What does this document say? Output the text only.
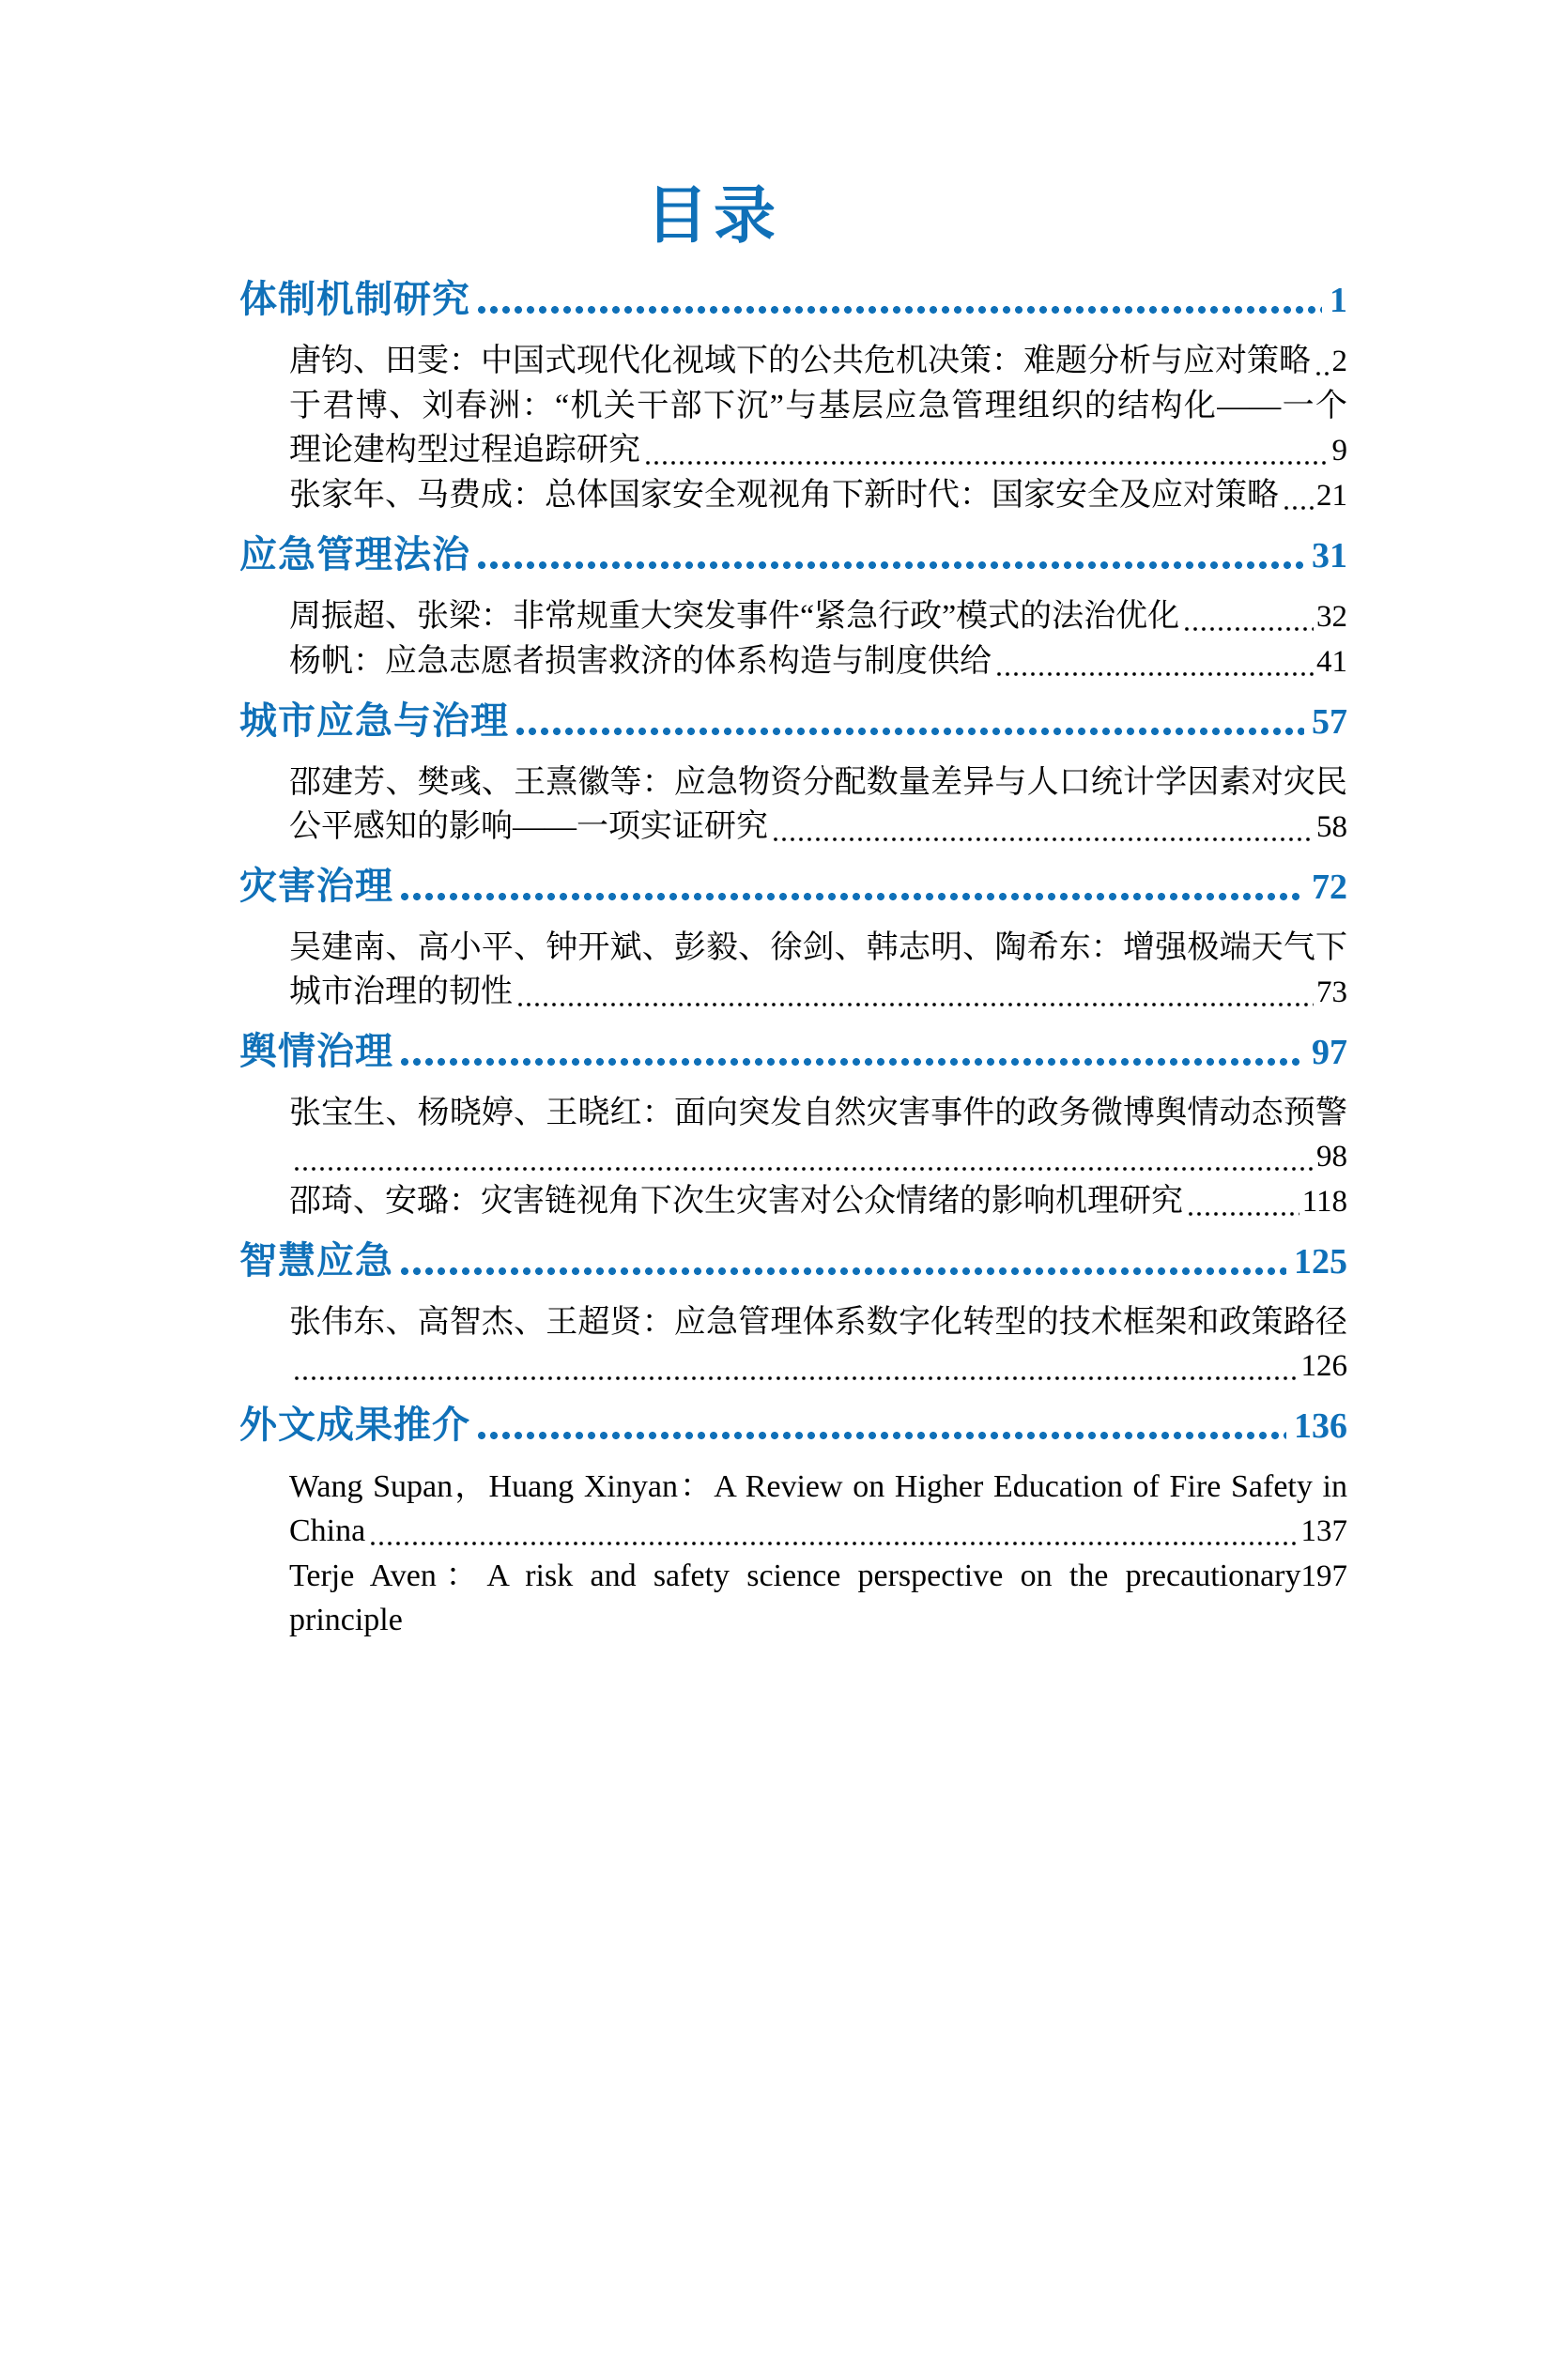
目录
体制机制研究	1
唐钧、田雯：中国式现代化视域下的公共危机决策：难题分析与应对策略 2
于君博、刘春洲：“机关干部下沉”与基层应急管理组织的结构化——一个
理论建构型过程追踪研究	9
张家年、马费成：总体国家安全观视角下新时代：国家安全及应对策略 21
应急管理法治	31
周振超、张梁：非常规重大突发事件“紧急行政”模式的法治优化	32
杨帆：应急志愿者损害救济的体系构造与制度供给	41
城市应急与治理	57
邵建芳、樊彧、王熹徽等：应急物资分配数量差异与人口统计学因素对灾民
公平感知的影响——一项实证研究	58
灾害治理	72
吴建南、高小平、钟开斌、彭毅、徐剑、韩志明、陶希东：增强极端天气下
城市治理的韧性	73
舆情治理	97
张宝生、杨晓婷、王晓红：面向突发自然灾害事件的政务微博舆情动态预警
98
邵琦、安璐：灾害链视角下次生灾害对公众情绪的影响机理研究	118
智慧应急	125
张伟东、高智杰、王超贤：应急管理体系数字化转型的技术框架和政策路径
126
外文成果推介	136
Wang Supan，Huang Xinyan：A Review on Higher Education of Fire Safety in
China	137
Terje Aven：A risk and safety science perspective on the precautionary principle
197
